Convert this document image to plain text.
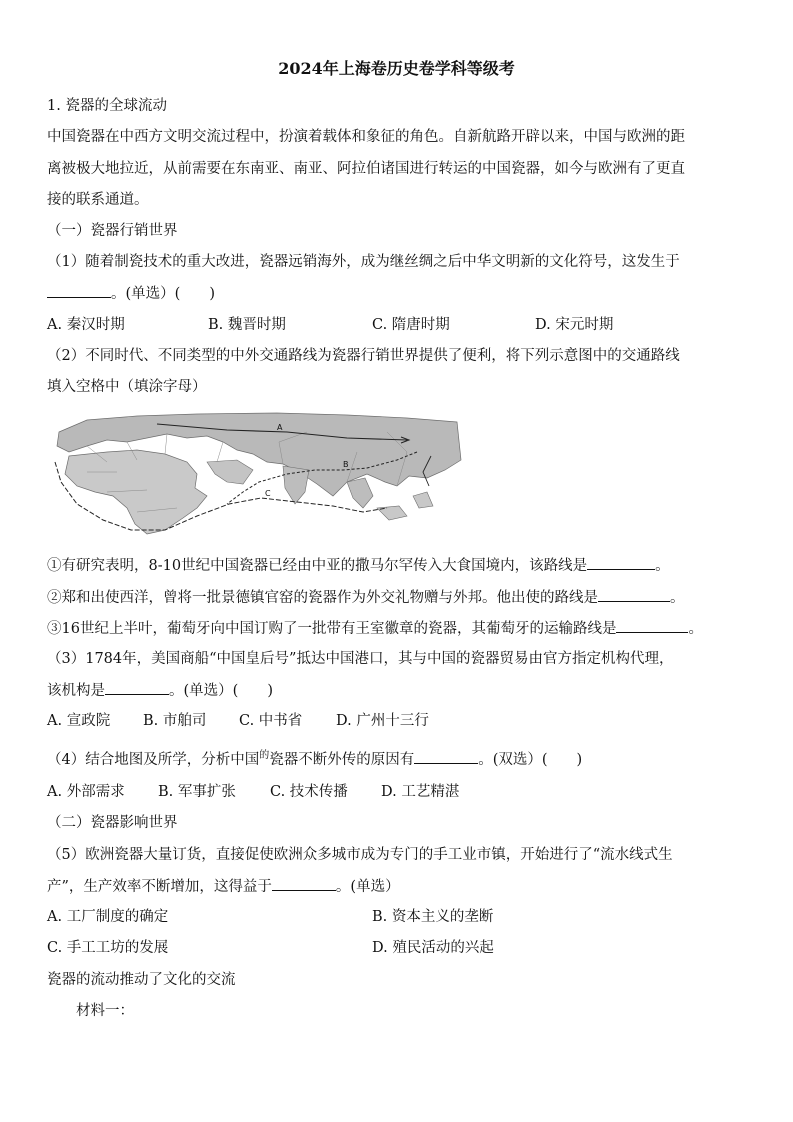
2024年上海卷历史卷学科等级考
1. 瓷器的全球流动
中国瓷器在中西方文明交流过程中，扮演着载体和象征的角色。自新航路开辟以来，中国与欧洲的距
离被极大地拉近，从前需要在东南亚、南亚、阿拉伯诸国进行转运的中国瓷器，如今与欧洲有了更直
接的联系通道。
（一）瓷器行销世界
（1）随着制瓷技术的重大改进，瓷器远销海外，成为继丝绸之后中华文明新的文化符号，这发生于
。(单选）(　　)
A. 秦汉时期	B. 魏晋时期	C. 隋唐时期	D. 宋元时期
（2）不同时代、不同类型的中外交通路线为瓷器行销世界提供了便利，将下列示意图中的交通路线
填入空格中（填涂字母）
A
B
C
①有研究表明，8-10世纪中国瓷器已经由中亚的撒马尔罕传入大食国境内，该路线是	。
②郑和出使西洋，曾将一批景德镇官窑的瓷器作为外交礼物赠与外邦。他出使的路线是	。
③16世纪上半叶，葡萄牙向中国订购了一批带有王室徽章的瓷器，其葡萄牙的运输路线是	。
（3）1784年，美国商船“中国皇后号”抵达中国港口，其与中国的瓷器贸易由官方指定机构代理，
该机构是	。(单选）(　　)
A. 宣政院 B. 市舶司 C. 中书省 D. 广州十三行
（4）结合地图及所学，分析中国$^的$瓷器不断外传的原因有	。(双选）(　　)
A. 外部需求 B. 军事扩张 C. 技术传播 D. 工艺精湛
（二）瓷器影响世界
（5）欧洲瓷器大量订货，直接促使欧洲众多城市成为专门的手工业市镇，开始进行了“流水线式生
产”，生产效率不断增加，这得益于	。(单选）
A. 工厂制度的确定	B. 资本主义的垄断
C. 手工工坊的发展	D. 殖民活动的兴起
瓷器的流动推动了文化的交流
材料一：
